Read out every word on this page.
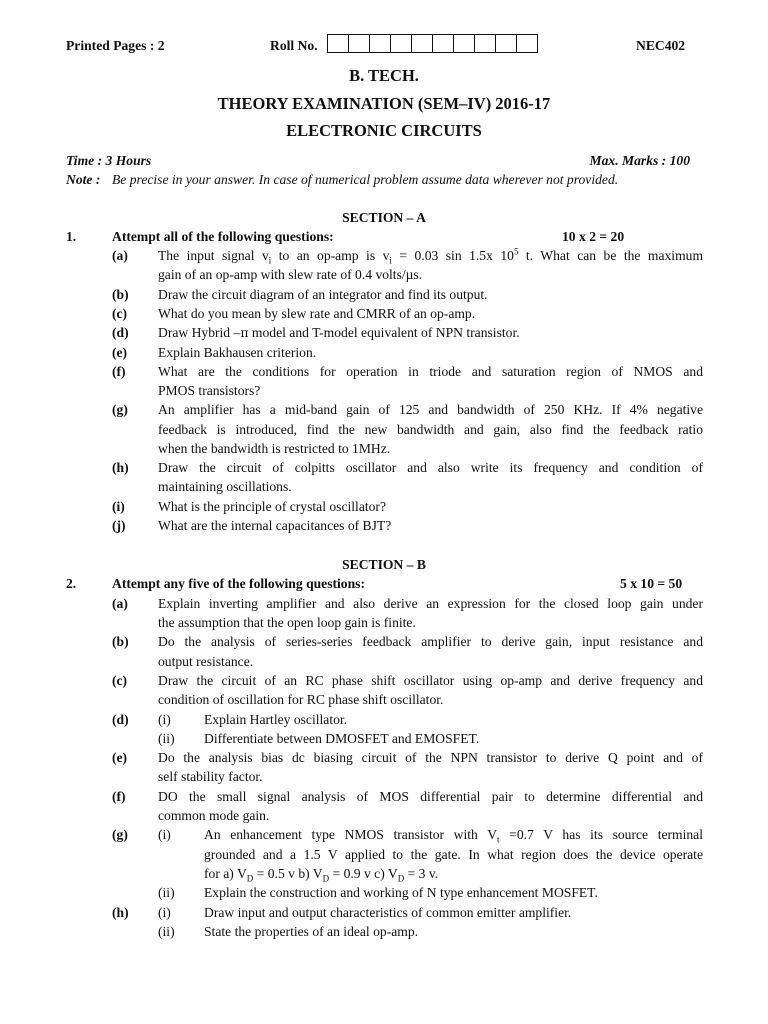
Printed Pages : 2	Roll No.	NEC402
B. TECH.
THEORY EXAMINATION (SEM–IV) 2016-17
ELECTRONIC CIRCUITS
Time : 3 Hours	Max. Marks : 100
Note : Be precise in your answer. In case of numerical problem assume data wherever not provided.
SECTION – A
1.	Attempt all of the following questions:	10 x 2 = 20
(a) The input signal $v_i$ to an op-amp is $v_i = 0.03$ sin 1.5x $10^5$ t. What can be the maximum
gain of an op-amp with slew rate of 0.4 volts/µs.
(b) Draw the circuit diagram of an integrator and find its output.
(c) What do you mean by slew rate and CMRR of an op-amp.
(d) Draw Hybrid –π model and T-model equivalent of NPN transistor.
(e) Explain Bakhausen criterion.
(f) What are the conditions for operation in triode and saturation region of NMOS and
PMOS transistors?
(g) An amplifier has a mid-band gain of 125 and bandwidth of 250 KHz. If 4% negative
feedback is introduced, find the new bandwidth and gain, also find the feedback ratio
when the bandwidth is restricted to 1MHz.
(h) Draw the circuit of colpitts oscillator and also write its frequency and condition of
maintaining oscillations.
(i) What is the principle of crystal oscillator?
(j) What are the internal capacitances of BJT?
SECTION – B
2.	Attempt any five of the following questions:	5 x 10 = 50
(a) Explain inverting amplifier and also derive an expression for the closed loop gain under
the assumption that the open loop gain is finite.
(b) Do the analysis of series-series feedback amplifier to derive gain, input resistance and
output resistance.
(c) Draw the circuit of an RC phase shift oscillator using op-amp and derive frequency and
condition of oscillation for RC phase shift oscillator.
(d) (i) Explain Hartley oscillator.
(ii) Differentiate between DMOSFET and EMOSFET.
(e) Do the analysis bias dc biasing circuit of the NPN transistor to derive Q point and of
self stability factor.
(f) DO the small signal analysis of MOS differential pair to determine differential and
common mode gain.
(g) (i) An enhancement type NMOS transistor with $V_t =0.7$ V has its source terminal
grounded and a 1.5 V applied to the gate. In what region does the device operate
for a) $V_D = 0.5$ v b) $V_D = 0.9$ v c) $V_D = 3$ v.
(ii) Explain the construction and working of N type enhancement MOSFET.
(h) (i) Draw input and output characteristics of common emitter amplifier.
(ii) State the properties of an ideal op-amp.
